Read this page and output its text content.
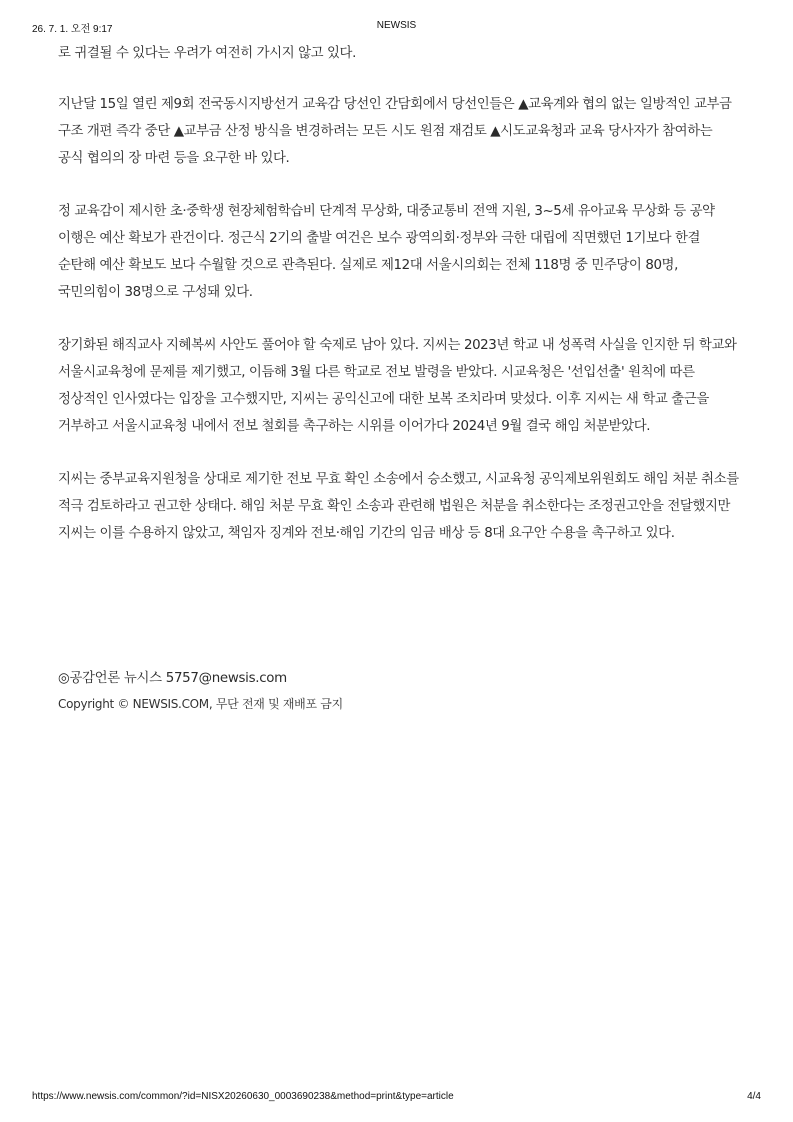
26. 7. 1. 오전 9:17	NEWSIS

로 귀결될 수 있다는 우려가 여전히 가시지 않고 있다.

지난달 15일 열린 제9회 전국동시지방선거 교육감 당선인 간담회에서 당선인들은 ▲교육계와 협의 없는 일방적인 교부금 구조 개편 즉각 중단 ▲교부금 산정 방식을 변경하려는 모든 시도 원점 재검토 ▲시도교육청과 교육 당사자가 참여하는 공식 협의의 장 마련 등을 요구한 바 있다.

정 교육감이 제시한 초·중학생 현장체험학습비 단계적 무상화, 대중교통비 전액 지원, 3~5세 유아교육 무상화 등 공약 이행은 예산 확보가 관건이다. 정근식 2기의 출발 여건은 보수 광역의회·정부와 극한 대립에 직면했던 1기보다 한결 순탄해 예산 확보도 보다 수월할 것으로 관측된다. 실제로 제12대 서울시의회는 전체 118명 중 민주당이 80명, 국민의힘이 38명으로 구성돼 있다.

장기화된 해직교사 지혜복씨 사안도 풀어야 할 숙제로 남아 있다. 지씨는 2023년 학교 내 성폭력 사실을 인지한 뒤 학교와 서울시교육청에 문제를 제기했고, 이듬해 3월 다른 학교로 전보 발령을 받았다. 시교육청은 '선입선출' 원칙에 따른 정상적인 인사였다는 입장을 고수했지만, 지씨는 공익신고에 대한 보복 조치라며 맞섰다. 이후 지씨는 새 학교 출근을 거부하고 서울시교육청 내에서 전보 철회를 촉구하는 시위를 이어가다 2024년 9월 결국 해임 처분받았다.

지씨는 중부교육지원청을 상대로 제기한 전보 무효 확인 소송에서 승소했고, 시교육청 공익제보위원회도 해임 처분 취소를 적극 검토하라고 권고한 상태다. 해임 처분 무효 확인 소송과 관련해 법원은 처분을 취소한다는 조정권고안을 전달했지만 지씨는 이를 수용하지 않았고, 책임자 징계와 전보·해임 기간의 임금 배상 등 8대 요구안 수용을 촉구하고 있다.

◎공감언론 뉴시스 5757@newsis.com
Copyright © NEWSIS.COM, 무단 전재 및 재배포 금지
https://www.newsis.com/common/?id=NISX20260630_0003690238&method=print&type=article	4/4
